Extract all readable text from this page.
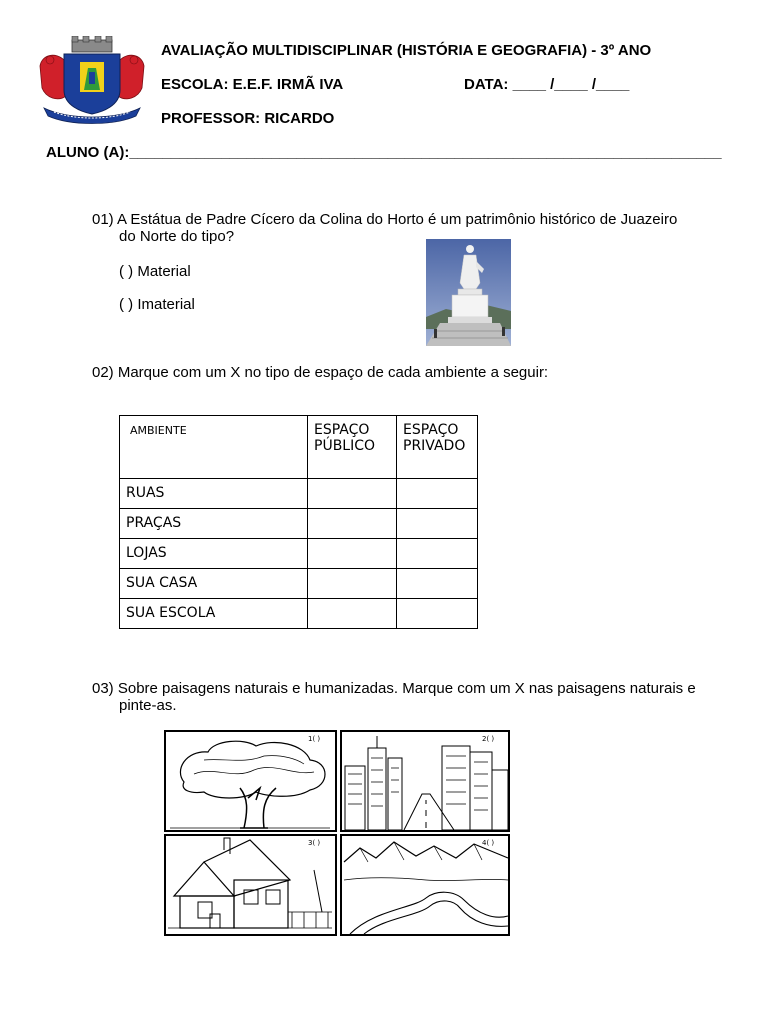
AVALIAÇÃO MULTIDISCIPLINAR (HISTÓRIA E GEOGRAFIA) - 3º ANO
ESCOLA: E.E.F. IRMÃ IVA	DATA: ____ /____ /____
PROFESSOR: RICARDO
ALUNO (A):_______________________________________________________________________
01) A Estátua de Padre Cícero da Colina do Horto é um patrimônio histórico de Juazeiro
do Norte do tipo?
( ) Material
( ) Imaterial
02) Marque com um X no tipo de espaço de cada ambiente a seguir:
AMBIENTE	ESPAÇO PÚBLICO	ESPAÇO PRIVADO
RUAS		
PRAÇAS		
LOJAS		
SUA CASA		
SUA ESCOLA		
03) Sobre paisagens naturais e humanizadas. Marque com um X nas paisagens naturais e
pinte-as.
1( )	2( )
3( )	4( )
